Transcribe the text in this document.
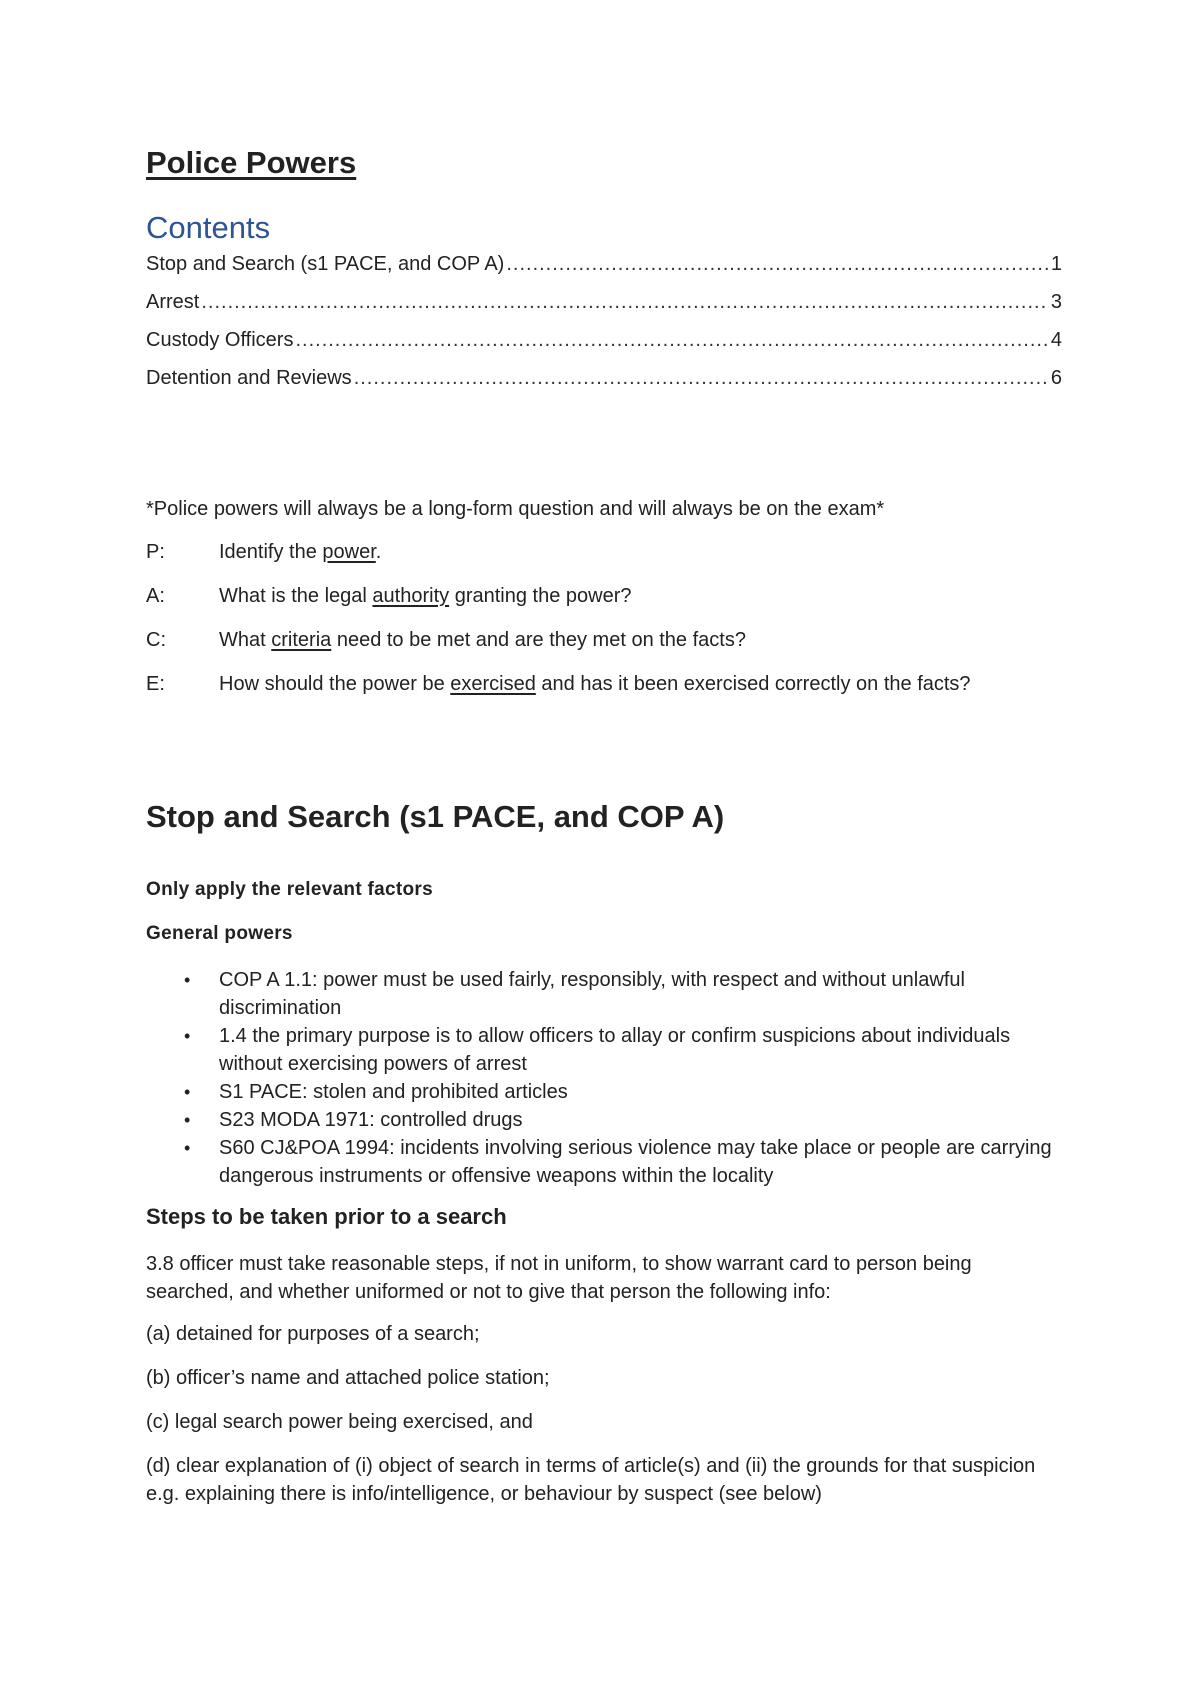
Police Powers
Contents
Stop and Search (s1 PACE, and COP A) .....	1
Arrest .....	3
Custody Officers .....	4
Detention and Reviews .....	6

*Police powers will always be a long-form question and will always be on the exam*

P:	Identify the power.
A:	What is the legal authority granting the power?
C:	What criteria need to be met and are they met on the facts?
E:	How should the power be exercised and has it been exercised correctly on the facts?
Stop and Search (s1 PACE, and COP A)

Only apply the relevant factors

General powers

• COP A 1.1: power must be used fairly, responsibly, with respect and without unlawful discrimination
• 1.4 the primary purpose is to allow officers to allay or confirm suspicions about individuals without exercising powers of arrest
• S1 PACE: stolen and prohibited articles
• S23 MODA 1971: controlled drugs
• S60 CJ&POA 1994: incidents involving serious violence may take place or people are carrying dangerous instruments or offensive weapons within the locality
Steps to be taken prior to a search

3.8 officer must take reasonable steps, if not in uniform, to show warrant card to person being searched, and whether uniformed or not to give that person the following info:

(a) detained for purposes of a search;

(b) officer’s name and attached police station;

(c) legal search power being exercised, and

(d) clear explanation of (i) object of search in terms of article(s) and (ii) the grounds for that suspicion e.g. explaining there is info/intelligence, or behaviour by suspect (see below)
